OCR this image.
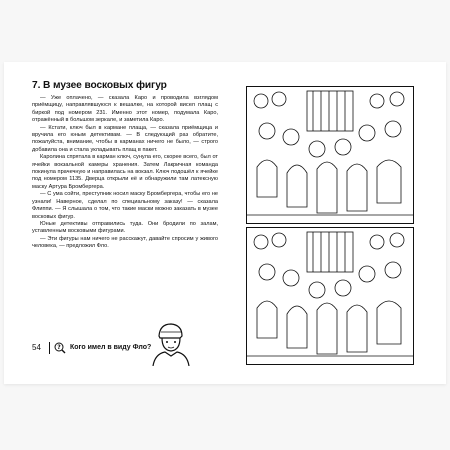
7. В музее восковых фигур

— Уже оплачено, — сказала Каро и проводила взглядом приёмщицу, направлявшуюся к вешалке, на которой висел плащ с биркой под номером 231. Именно этот номер, подумала Каро, отражённый в большом зеркале, и заметила Каро.

— Кстати, ключ был в кармане плаща, — сказала приёмщица и вручила его юным детективам. — В следующий раз обратите, пожалуйста, внимание, чтобы в карманах ничего не было, — строго добавила она и стала укладывать плащ в пакет.

Каролина спрятала в карман ключ, сунула его, скорее всего, был от ячейки вокзальной камеры хранения. Затем Лакричная команда покинула прачечную и направилась на вокзал. Ключ подошёл к ячейке под номером 1135. Дверца открыли её и обнаружили там латексную маску Артура Бромбергера.

— С ума сойти, преступник носил маску Бромбергера, чтобы его не узнали! Наверное, сделал по специальному заказу! — сказала Флиппи. — Я слышала о том, что такие маски можно заказать в музее восковых фигур.

Юные детективы отправились туда. Они бродили по залам, уставленным восковыми фигурами.

— Эти фигуры нам ничего не расскажут, давайте спросим у живого человека, — предложил Фло.

54	? Кого имел в виду Фло?
